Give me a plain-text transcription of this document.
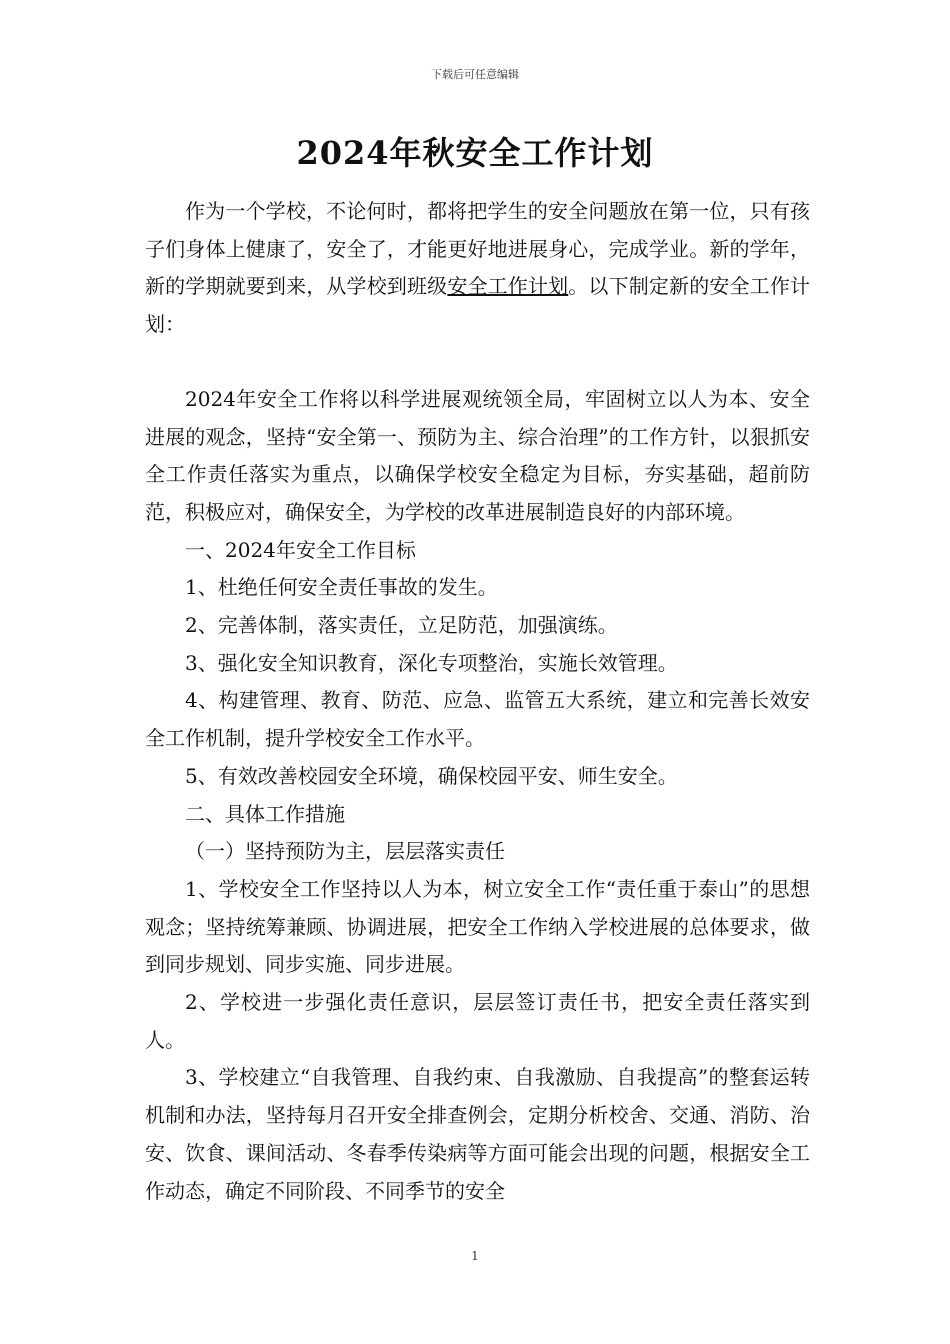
下载后可任意编辑
2024年秋安全工作计划

作为一个学校，不论何时，都将把学生的安全问题放在第一位，只有孩子们身体上健康了，安全了，才能更好地进展身心，完成学业。新的学年，新的学期就要到来，从学校到班级安全工作计划。以下制定新的安全工作计划：

2024年安全工作将以科学进展观统领全局，牢固树立以人为本、安全进展的观念，坚持“安全第一、预防为主、综合治理”的工作方针，以狠抓安全工作责任落实为重点，以确保学校安全稳定为目标，夯实基础，超前防范，积极应对，确保安全，为学校的改革进展制造良好的内部环境。

一、2024年安全工作目标

1、杜绝任何安全责任事故的发生。

2、完善体制，落实责任，立足防范，加强演练。

3、强化安全知识教育，深化专项整治，实施长效管理。

4、构建管理、教育、防范、应急、监管五大系统，建立和完善长效安全工作机制，提升学校安全工作水平。

5、有效改善校园安全环境，确保校园平安、师生安全。

二、具体工作措施

（一）坚持预防为主，层层落实责任

1、学校安全工作坚持以人为本，树立安全工作“责任重于泰山”的思想观念；坚持统筹兼顾、协调进展，把安全工作纳入学校进展的总体要求，做到同步规划、同步实施、同步进展。

2、学校进一步强化责任意识，层层签订责任书，把安全责任落实到人。

3、学校建立“自我管理、自我约束、自我激励、自我提高”的整套运转机制和办法，坚持每月召开安全排查例会，定期分析校舍、交通、消防、治安、饮食、课间活动、冬春季传染病等方面可能会出现的问题，根据安全工作动态，确定不同阶段、不同季节的安全

1
